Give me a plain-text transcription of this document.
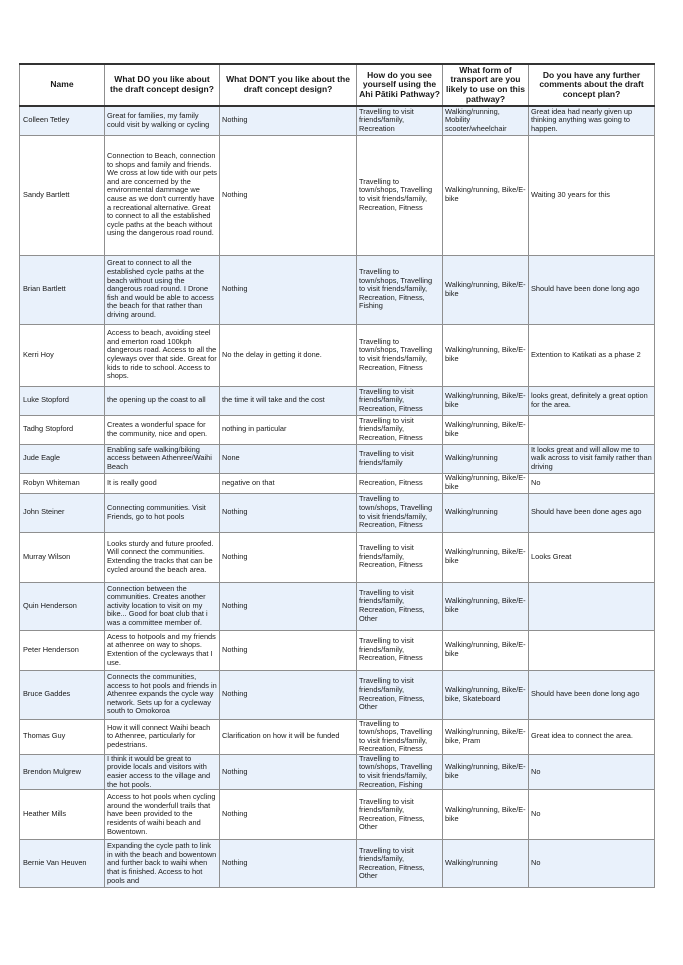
Name	What DO you like about the draft concept design?	What DON'T you like about the draft concept design?	How do you see yourself using the Ahi Pātiki Pathway?	What form of transport are you likely to use on this pathway?	Do you have any further comments about the draft concept plan?
Colleen Tetley	Great for families, my family could visit by walking or cycling	Nothing	Travelling to visit friends/family, Recreation	Walking/running, Mobility scooter/wheelchair	Great idea had nearly given up thinking anything was going to happen.
Sandy Bartlett	Connection to Beach, connection to shops and family and friends. We cross at low tide with our pets and are concerned by the environmental dammage we cause as we don't currently have a recreational alternative. Great to connect to all the established cycle paths at the beach without using the dangerous road round.	Nothing	Travelling to town/shops, Travelling to visit friends/family, Recreation, Fitness	Walking/running, Bike/E-bike	Waiting 30 years for this
Brian Bartlett	Great to connect to all the established cycle paths at the beach without using the dangerous road round. I Drone fish and would be able to access the beach for that rather than driving around.	Nothing	Travelling to town/shops, Travelling to visit friends/family, Recreation, Fitness, Fishing	Walking/running, Bike/E-bike	Should have been done long ago
Kerri Hoy	Access to beach, avoiding steel and emerton road 100kph dangerous road. Access to all the cyleways over that side. Great for kids to ride to school. Access to shops.	No the delay in getting it done.	Travelling to town/shops, Travelling to visit friends/family, Recreation, Fitness	Walking/running, Bike/E-bike	Extention to Katikati as a phase 2
Luke Stopford	the opening up the coast to all	the time it will take and the cost	Travelling to visit friends/family, Recreation, Fitness	Walking/running, Bike/E-bike	looks great, definitely a great option for the area.
Tadhg Stopford	Creates a wonderful space for the community, nice and open.	nothing in particular	Travelling to visit friends/family, Recreation, Fitness	Walking/running, Bike/E-bike	
Jude Eagle	Enabling safe walking/biking access between Athenree/Waihi Beach	None	Travelling to visit friends/family	Walking/running	It looks great and will allow me to walk across to visit family rather than driving
Robyn Whiteman	It is really good	negative on that	Recreation, Fitness	Walking/running, Bike/E-bike	No
John Steiner	Connecting communities. Visit Friends, go to hot pools	Nothing	Travelling to town/shops, Travelling to visit friends/family, Recreation, Fitness	Walking/running	Should have been done ages ago
Murray Wilson	Looks sturdy and future proofed. Will connect the communities. Extending the tracks that can be cycled around the beach area.	Nothing	Travelling to visit friends/family, Recreation, Fitness	Walking/running, Bike/E-bike	Looks Great
Quin Henderson	Connection between the communities. Creates another activity location to visit on my bike... Good for boat club that i was a committee member of.	Nothing	Travelling to visit friends/family, Recreation, Fitness, Other	Walking/running, Bike/E-bike	
Peter Henderson	Acess to hotpools and my friends at athenree on way to shops. Extention of the cycleways that I use.	Nothing	Travelling to visit friends/family, Recreation, Fitness	Walking/running, Bike/E-bike	
Bruce Gaddes	Connects the communities, access to hot pools and friends in Athenree expands the cycle way network. Sets up for a cycleway south to Omokoroa	Nothing	Travelling to visit friends/family, Recreation, Fitness, Other	Walking/running, Bike/E-bike, Skateboard	Should have been done long ago
Thomas Guy	How it will connect Waihi beach to Athenree, particularly for pedestrians.	Clarification on how it will be funded	Travelling to town/shops, Travelling to visit friends/family, Recreation, Fitness	Walking/running, Bike/E-bike, Pram	Great idea to connect the area.
Brendon Mulgrew	I think it would be great to provide locals and visitors with easier access to the village and the hot pools.	Nothing	Travelling to town/shops, Travelling to visit friends/family, Recreation, Fishing	Walking/running, Bike/E-bike	No
Heather Mills	Access to hot pools when cycling around the wonderfull trails that have been provided to the residents of waihi beach and Bowentown.	Nothing	Travelling to visit friends/family, Recreation, Fitness, Other	Walking/running, Bike/E-bike	No
Bernie Van Heuven	Expanding the cycle path to link in with the beach and bowentown and further back to waihi when that is finished. Access to hot pools and	Nothing	Travelling to visit friends/family, Recreation, Fitness, Other	Walking/running	No
